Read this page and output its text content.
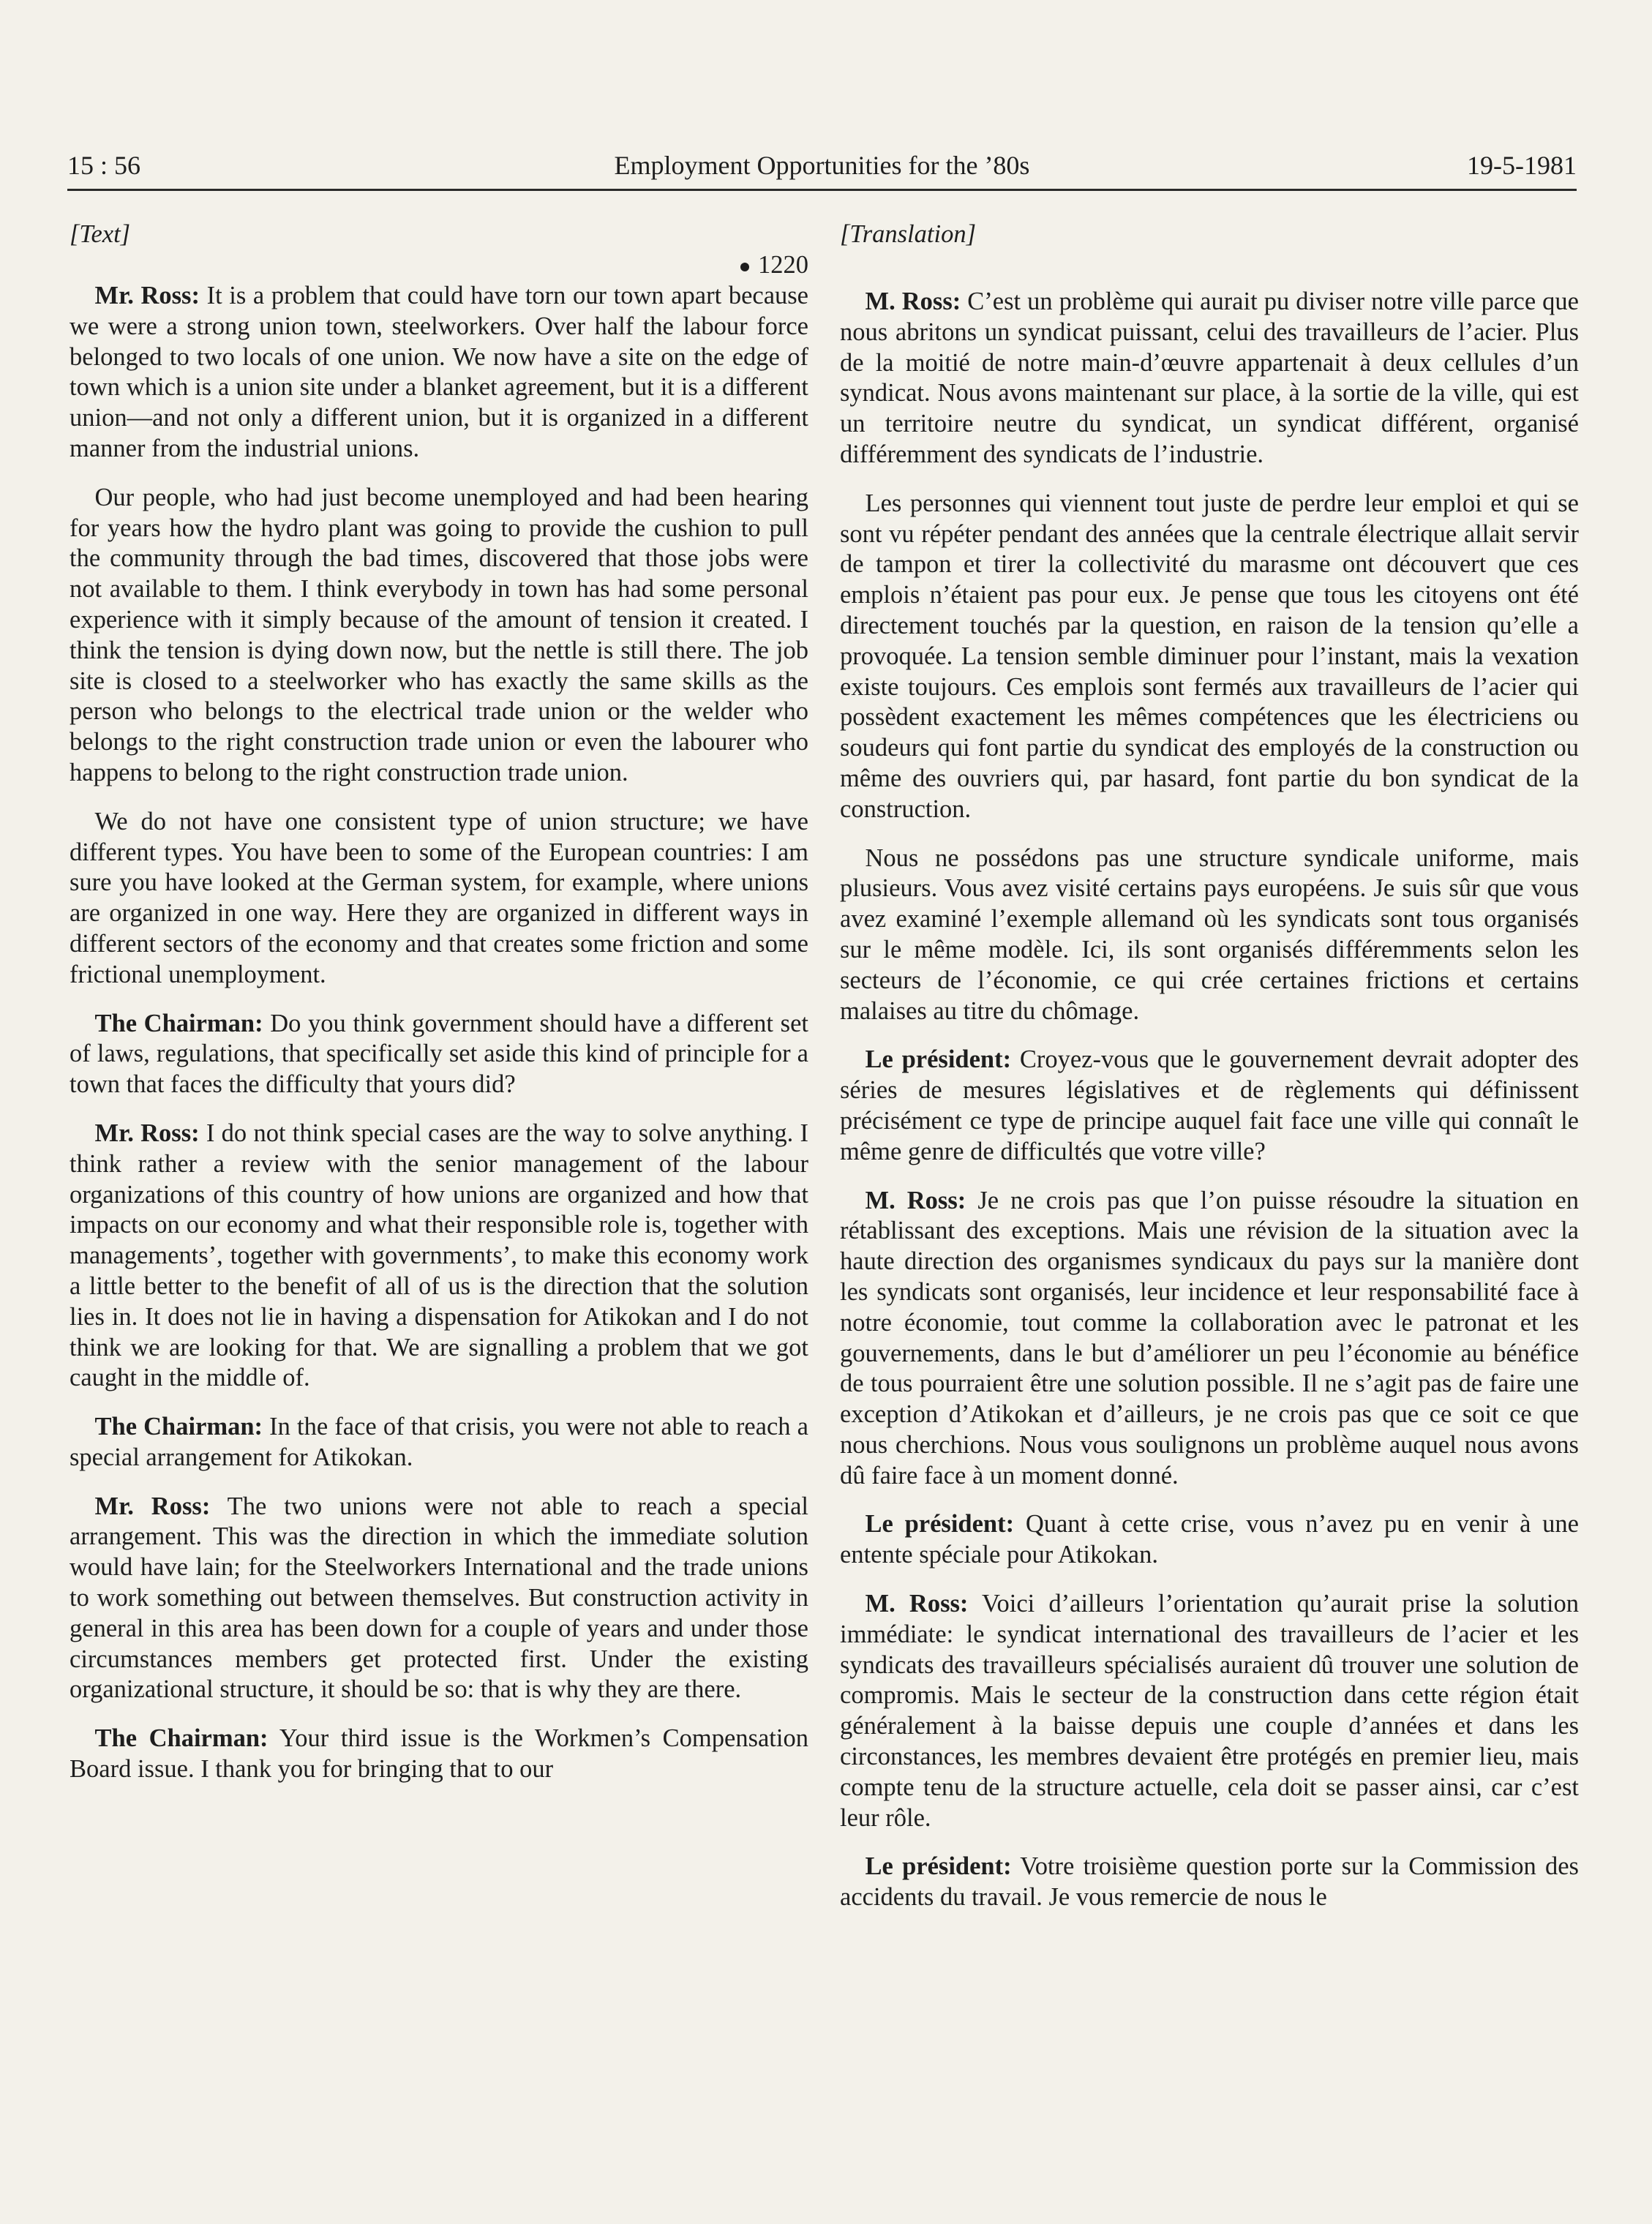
15 : 56	Employment Opportunities for the ’80s	19-5-1981

[Text]

1220

Mr. Ross: It is a problem that could have torn our town apart because we were a strong union town, steelworkers. Over half the labour force belonged to two locals of one union. We now have a site on the edge of town which is a union site under a blanket agreement, but it is a different union—and not only a different union, but it is organized in a different manner from the industrial unions.

Our people, who had just become unemployed and had been hearing for years how the hydro plant was going to provide the cushion to pull the community through the bad times, discovered that those jobs were not available to them. I think everybody in town has had some personal experience with it simply because of the amount of tension it created. I think the tension is dying down now, but the nettle is still there. The job site is closed to a steelworker who has exactly the same skills as the person who belongs to the electrical trade union or the welder who belongs to the right construction trade union or even the labourer who happens to belong to the right construction trade union.

We do not have one consistent type of union structure; we have different types. You have been to some of the European countries: I am sure you have looked at the German system, for example, where unions are organized in one way. Here they are organized in different ways in different sectors of the economy and that creates some friction and some frictional unemployment.

The Chairman: Do you think government should have a different set of laws, regulations, that specifically set aside this kind of principle for a town that faces the difficulty that yours did?

Mr. Ross: I do not think special cases are the way to solve anything. I think rather a review with the senior management of the labour organizations of this country of how unions are organized and how that impacts on our economy and what their responsible role is, together with managements’, together with governments’, to make this economy work a little better to the benefit of all of us is the direction that the solution lies in. It does not lie in having a dispensation for Atikokan and I do not think we are looking for that. We are signalling a problem that we got caught in the middle of.

The Chairman: In the face of that crisis, you were not able to reach a special arrangement for Atikokan.

Mr. Ross: The two unions were not able to reach a special arrangement. This was the direction in which the immediate solution would have lain; for the Steelworkers International and the trade unions to work something out between themselves. But construction activity in general in this area has been down for a couple of years and under those circumstances members get protected first. Under the existing organizational structure, it should be so: that is why they are there.

The Chairman: Your third issue is the Workmen’s Compensation Board issue. I thank you for bringing that to our

[Translation]

M. Ross: C’est un problème qui aurait pu diviser notre ville parce que nous abritons un syndicat puissant, celui des travailleurs de l’acier. Plus de la moitié de notre main-d’œuvre appartenait à deux cellules d’un syndicat. Nous avons maintenant sur place, à la sortie de la ville, qui est un territoire neutre du syndicat, un syndicat différent, organisé différemment des syndicats de l’industrie.

Les personnes qui viennent tout juste de perdre leur emploi et qui se sont vu répéter pendant des années que la centrale électrique allait servir de tampon et tirer la collectivité du marasme ont découvert que ces emplois n’étaient pas pour eux. Je pense que tous les citoyens ont été directement touchés par la question, en raison de la tension qu’elle a provoquée. La tension semble diminuer pour l’instant, mais la vexation existe toujours. Ces emplois sont fermés aux travailleurs de l’acier qui possèdent exactement les mêmes compétences que les électriciens ou soudeurs qui font partie du syndicat des employés de la construction ou même des ouvriers qui, par hasard, font partie du bon syndicat de la construction.

Nous ne possédons pas une structure syndicale uniforme, mais plusieurs. Vous avez visité certains pays européens. Je suis sûr que vous avez examiné l’exemple allemand où les syndicats sont tous organisés sur le même modèle. Ici, ils sont organisés différemments selon les secteurs de l’économie, ce qui crée certaines frictions et certains malaises au titre du chômage.

Le président: Croyez-vous que le gouvernement devrait adopter des séries de mesures législatives et de règlements qui définissent précisément ce type de principe auquel fait face une ville qui connaît le même genre de difficultés que votre ville?

M. Ross: Je ne crois pas que l’on puisse résoudre la situation en rétablissant des exceptions. Mais une révision de la situation avec la haute direction des organismes syndicaux du pays sur la manière dont les syndicats sont organisés, leur incidence et leur responsabilité face à notre économie, tout comme la collaboration avec le patronat et les gouvernements, dans le but d’améliorer un peu l’économie au bénéfice de tous pourraient être une solution possible. Il ne s’agit pas de faire une exception d’Atikokan et d’ailleurs, je ne crois pas que ce soit ce que nous cherchions. Nous vous soulignons un problème auquel nous avons dû faire face à un moment donné.

Le président: Quant à cette crise, vous n’avez pu en venir à une entente spéciale pour Atikokan.

M. Ross: Voici d’ailleurs l’orientation qu’aurait prise la solution immédiate: le syndicat international des travailleurs de l’acier et les syndicats des travailleurs spécialisés auraient dû trouver une solution de compromis. Mais le secteur de la construction dans cette région était généralement à la baisse depuis une couple d’années et dans les circonstances, les membres devaient être protégés en premier lieu, mais compte tenu de la structure actuelle, cela doit se passer ainsi, car c’est leur rôle.

Le président: Votre troisième question porte sur la Commission des accidents du travail. Je vous remercie de nous le
